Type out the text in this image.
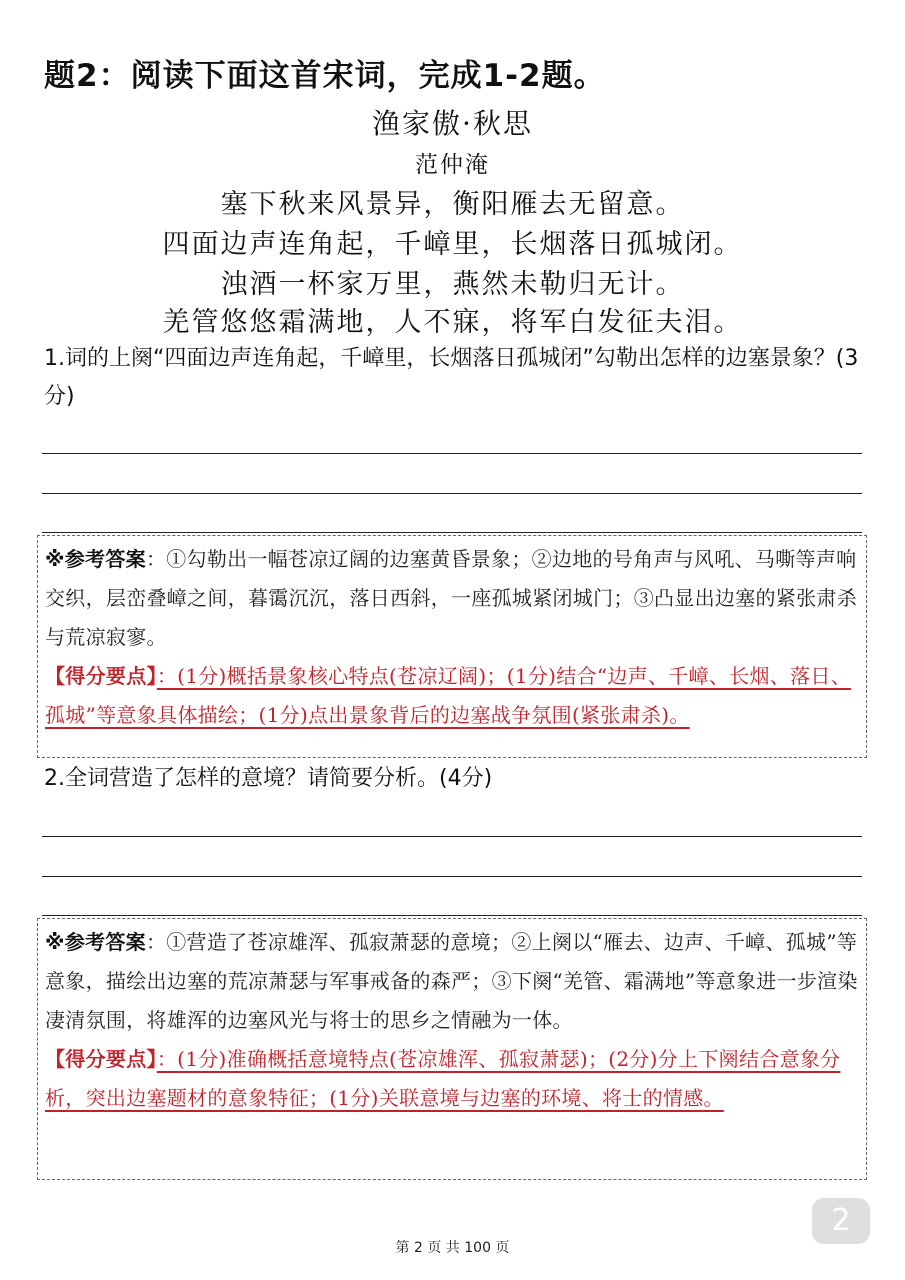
题2：阅读下面这首宋词，完成1-2题。
渔家傲·秋思
范仲淹
塞下秋来风景异，衡阳雁去无留意。
四面边声连角起，千嶂里，长烟落日孤城闭。
浊酒一杯家万里，燕然未勒归无计。
羌管悠悠霜满地，人不寐，将军白发征夫泪。
1.词的上阕“四面边声连角起，千嶂里，长烟落日孤城闭”勾勒出怎样的边塞景象？(3分)
※参考答案：①勾勒出一幅苍凉辽阔的边塞黄昏景象；②边地的号角声与风吼、马嘶等声响交织，层峦叠嶂之间，暮霭沉沉，落日西斜，一座孤城紧闭城门；③凸显出边塞的紧张肃杀与荒凉寂寥。
【得分要点】：(1分)概括景象核心特点(苍凉辽阔)；(1分)结合“边声、千嶂、长烟、落日、孤城”等意象具体描绘；(1分)点出景象背后的边塞战争氛围(紧张肃杀)。
2.全词营造了怎样的意境？请简要分析。(4分)
※参考答案：①营造了苍凉雄浑、孤寂萧瑟的意境；②上阕以“雁去、边声、千嶂、孤城”等意象，描绘出边塞的荒凉萧瑟与军事戒备的森严；③下阕“羌管、霜满地”等意象进一步渲染凄清氛围，将雄浑的边塞风光与将士的思乡之情融为一体。
【得分要点】：(1分)准确概括意境特点(苍凉雄浑、孤寂萧瑟)；(2分)分上下阕结合意象分析，突出边塞题材的意象特征；(1分)关联意境与边塞的环境、将士的情感。
2
第 2 页 共 100 页
